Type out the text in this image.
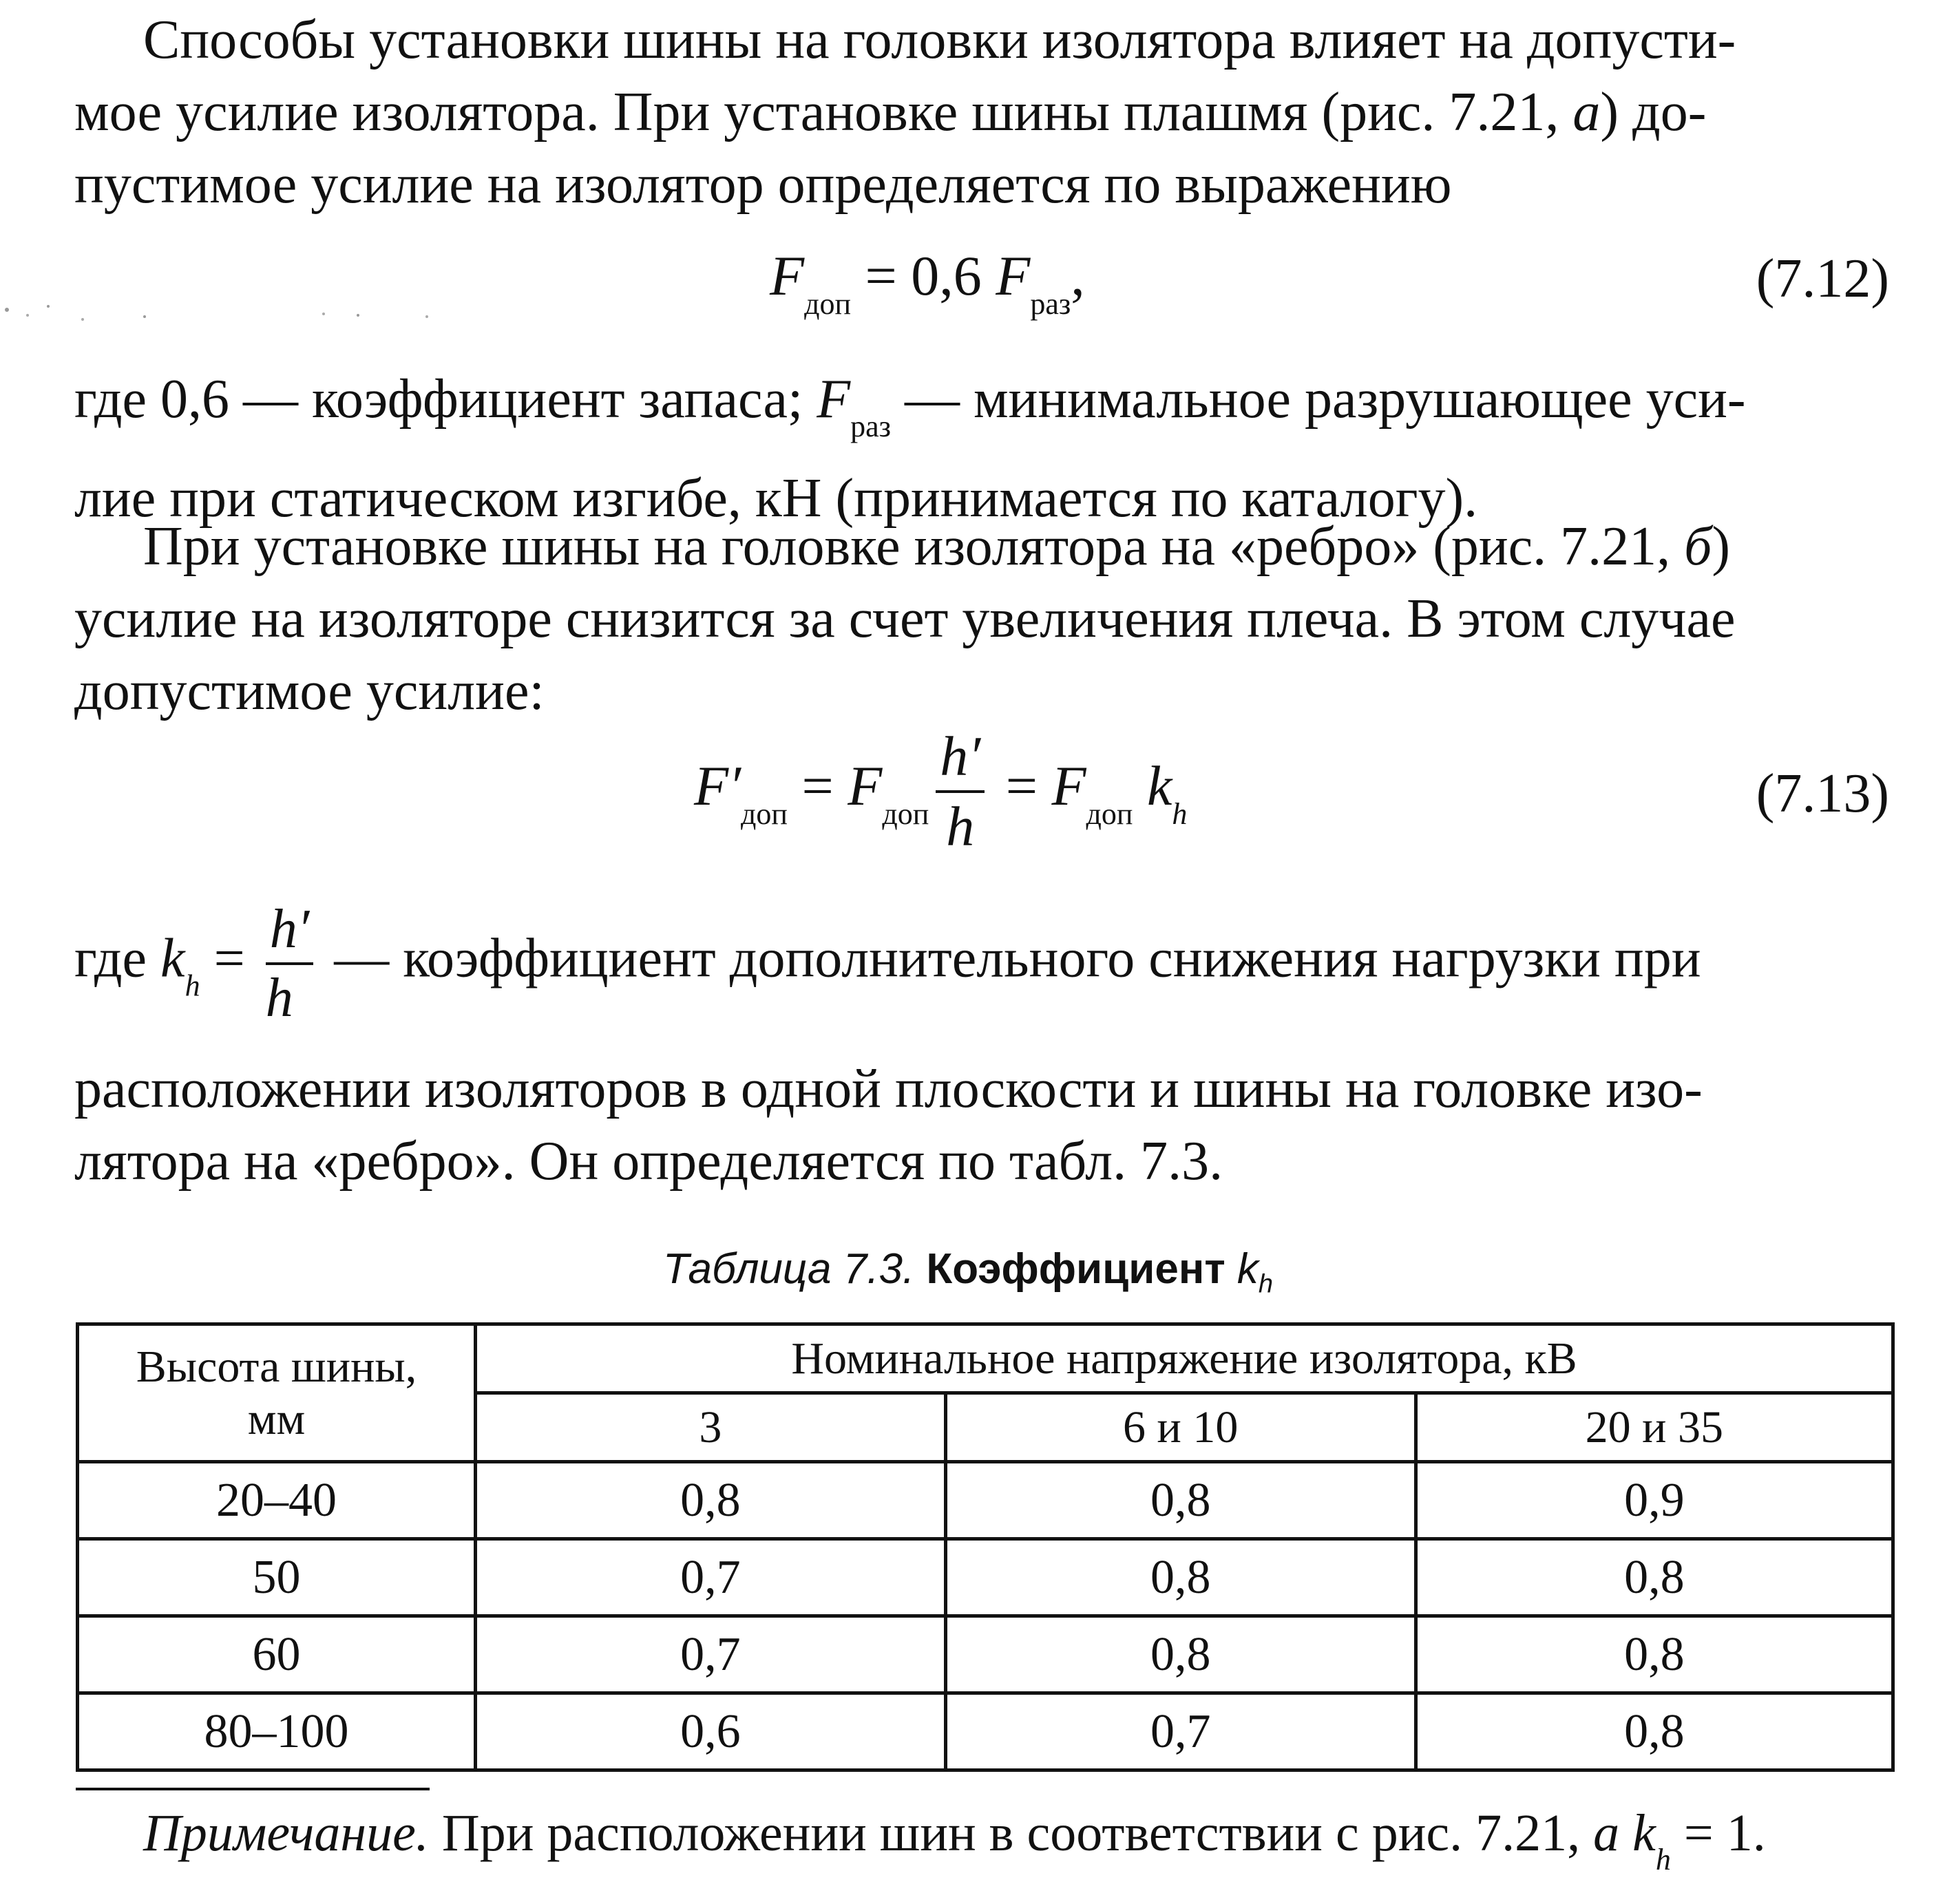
Способы установки шины на головки изолятора влияет на допусти-
мое усилие изолятора. При установке шины плашмя (рис. 7.21, а) до-
пустимое усилие на изолятор определяется по выражению

$F_{доп} = 0,6$ $F_{раз}$,	(7.12)

где 0,6 — коэффициент запаса; $F_{раз}$ — минимальное разрушающее уси-
лие при статическом изгибе, кН (принимается по каталогу).

При установке шины на головке изолятора на «ребро» (рис. 7.21, б)
усилие на изоляторе снизится за счет увеличения плеча. В этом случае
допустимое усилие:

$F'_{доп} = F_{доп} \frac{h'}{h} = F_{доп}$ $k_h$	(7.13)
где $k_h = \frac{h'}{h}$ — коэффициент дополнительного снижения нагрузки при

расположении изоляторов в одной плоскости и шины на головке изо-
лятора на «ребро». Он определяется по табл. 7.3.

Таблица 7.3. Коэффициент $k_h$
Высота шины,
мм	Номинальное напряжение изолятора, кВ		
	3	6 и 10	20 и 35
20–40	0,8	0,8	0,9
50	0,7	0,8	0,8
60	0,7	0,8	0,8
80–100	0,6	0,7	0,8
Примечание. При расположении шин в соответствии с рис. 7.21, а $k_h = 1$.
